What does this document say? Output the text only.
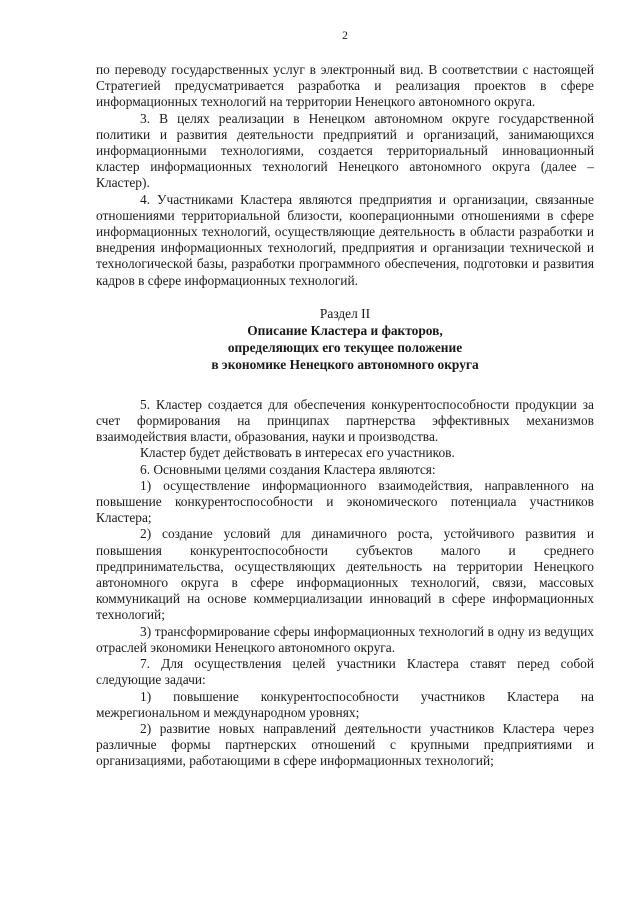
2

по переводу государственных услуг в электронный вид. В соответствии с настоящей Стратегией предусматривается разработка и реализация проектов в сфере информационных технологий на территории Ненецкого автономного округа.

3. В целях реализации в Ненецком автономном округе государственной политики и развития деятельности предприятий и организаций, занимающихся информационными технологиями, создается территориальный инновационный кластер информационных технологий Ненецкого автономного округа (далее – Кластер).

4. Участниками Кластера являются предприятия и организации, связанные отношениями территориальной близости, кооперационными отношениями в сфере информационных технологий, осуществляющие деятельность в области разработки и внедрения информационных технологий, предприятия и организации технической и технологической базы, разработки программного обеспечения, подготовки и развития кадров в сфере информационных технологий.

Раздел II
Описание Кластера и факторов,
определяющих его текущее положение
в экономике Ненецкого автономного округа

5. Кластер создается для обеспечения конкурентоспособности продукции за счет формирования на принципах партнерства эффективных механизмов взаимодействия власти, образования, науки и производства.

Кластер будет действовать в интересах его участников.

6. Основными целями создания Кластера являются:

1) осуществление информационного взаимодействия, направленного на повышение конкурентоспособности и экономического потенциала участников Кластера;

2) создание условий для динамичного роста, устойчивого развития и повышения конкурентоспособности субъектов малого и среднего предпринимательства, осуществляющих деятельность на территории Ненецкого автономного округа в сфере информационных технологий, связи, массовых коммуникаций на основе коммерциализации инноваций в сфере информационных технологий;

3) трансформирование сферы информационных технологий в одну из ведущих отраслей экономики Ненецкого автономного округа.

7. Для осуществления целей участники Кластера ставят перед собой следующие задачи:

1) повышение конкурентоспособности участников Кластера на межрегиональном и международном уровнях;

2) развитие новых направлений деятельности участников Кластера через различные формы партнерских отношений с крупными предприятиями и организациями, работающими в сфере информационных технологий;
